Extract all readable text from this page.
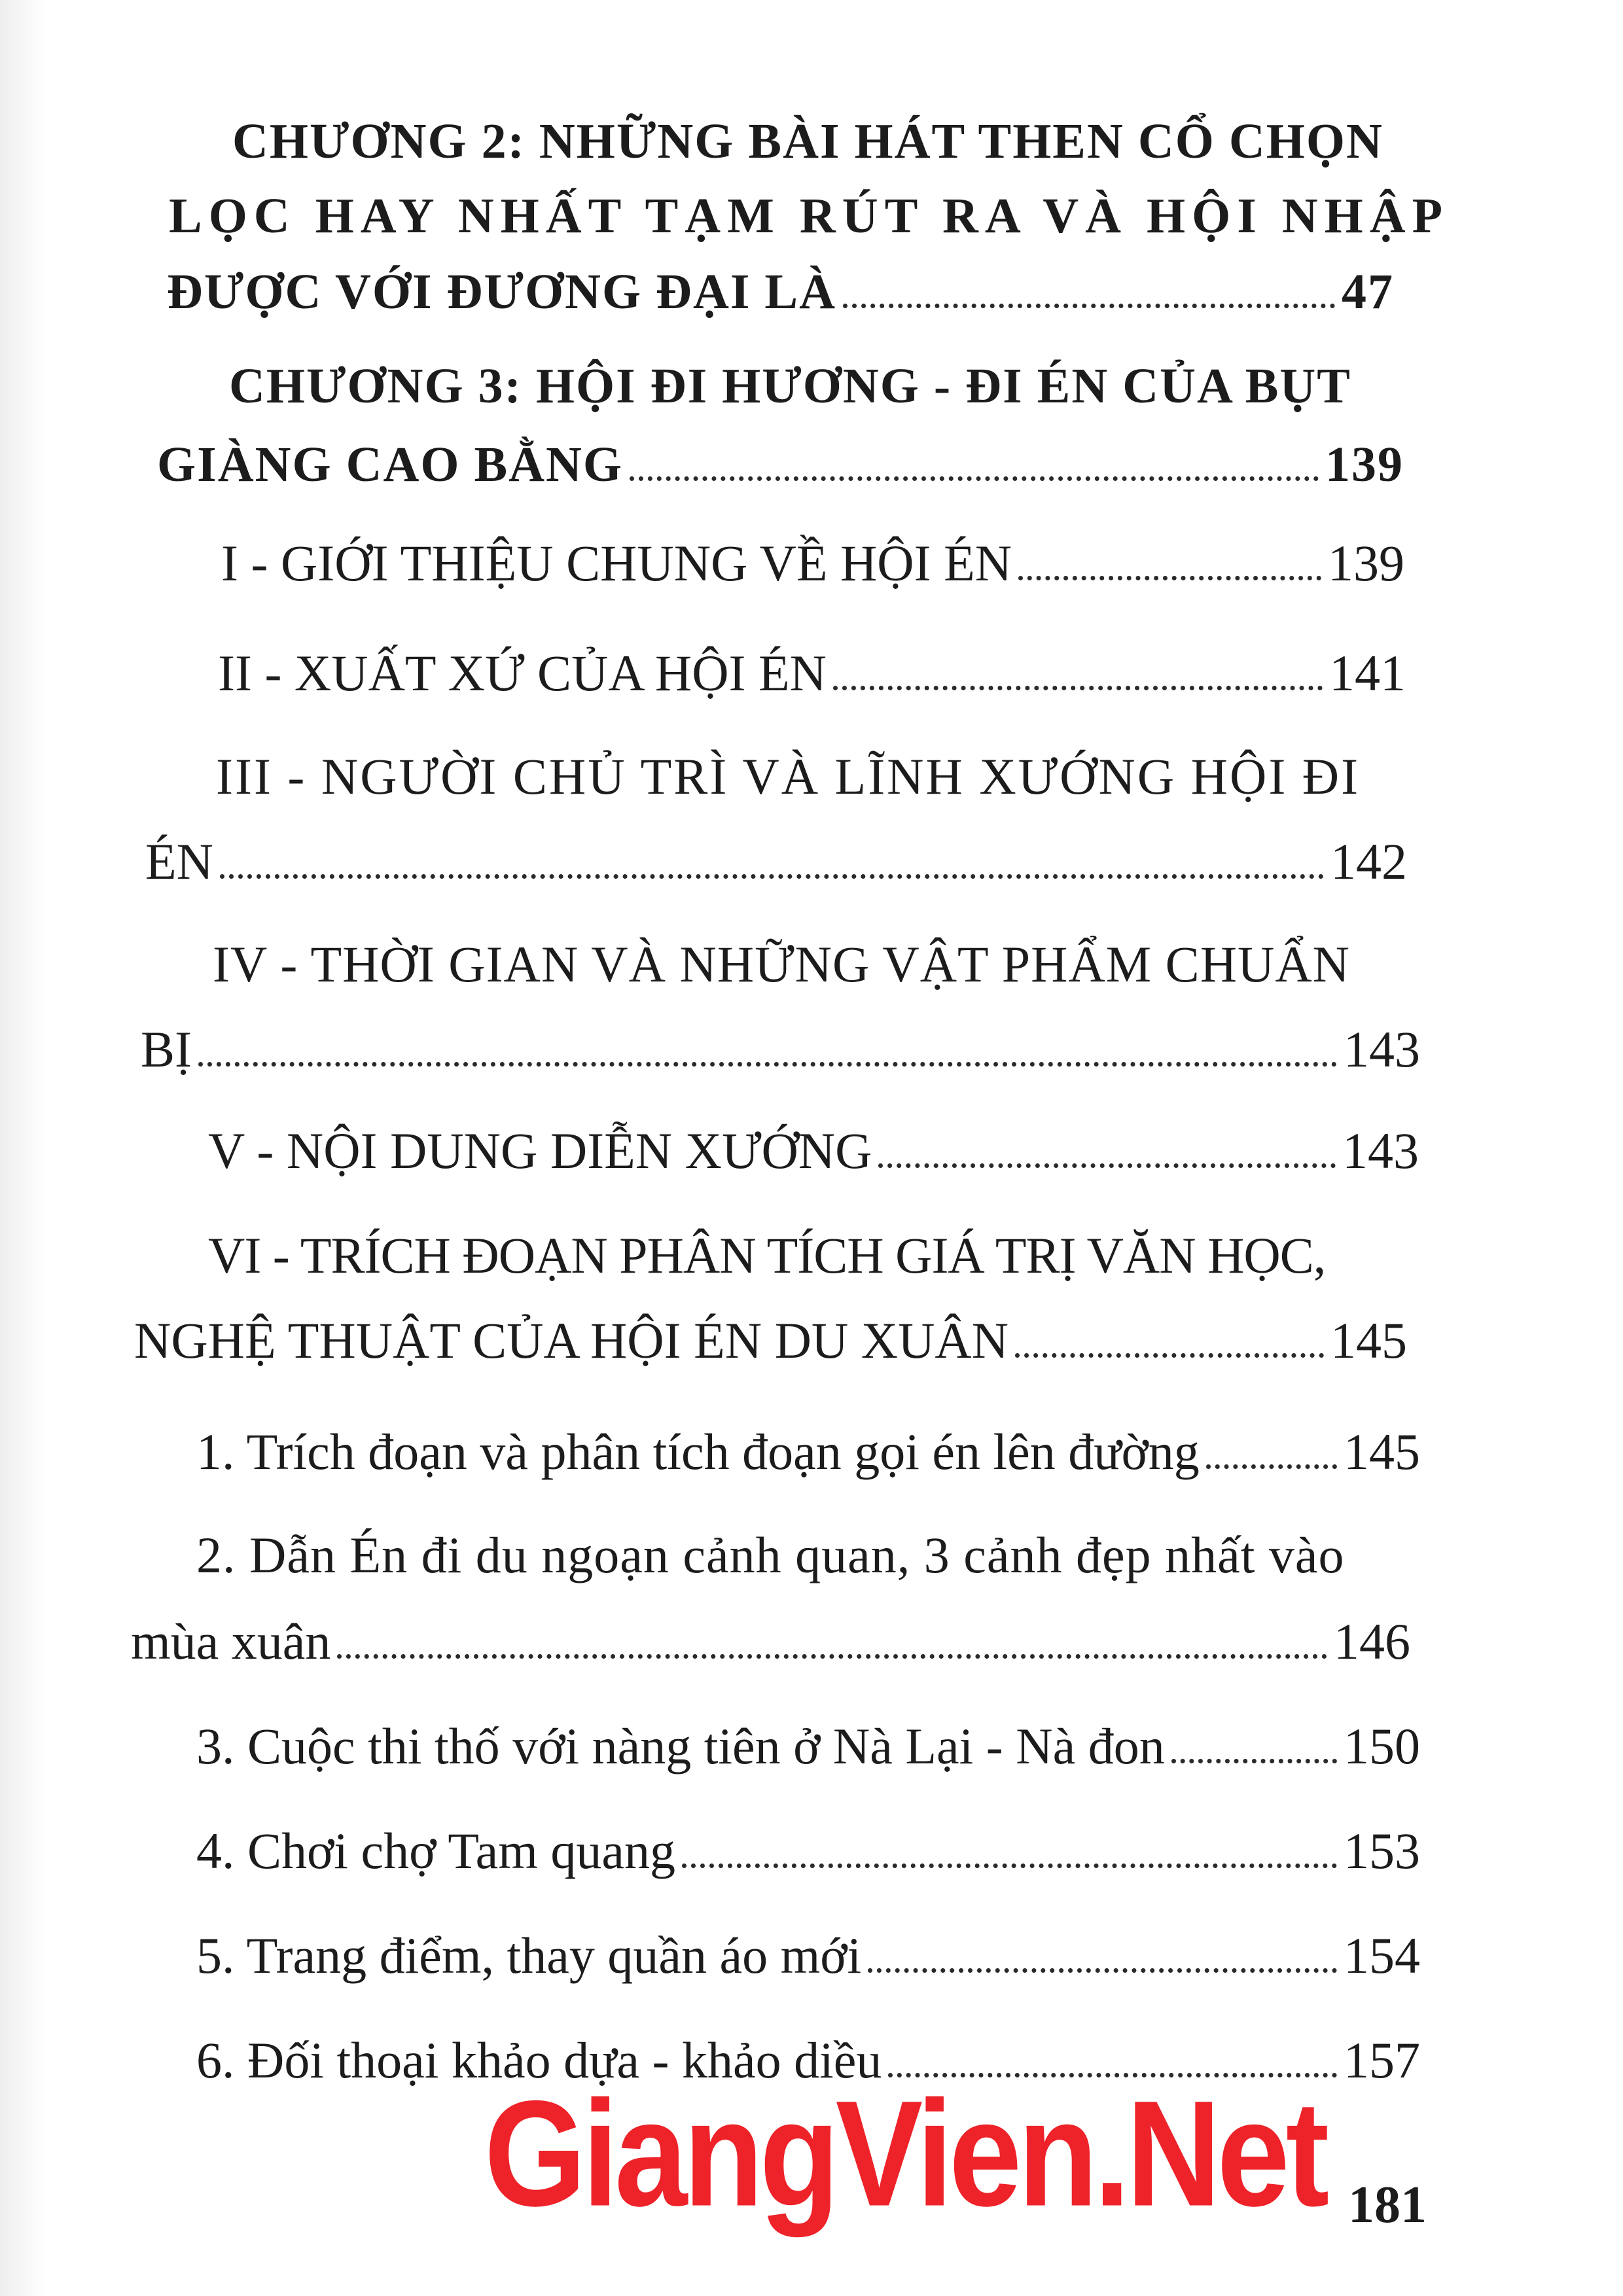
CHƯƠNG 2: NHỮNG BÀI HÁT THEN CỔ CHỌN
LỌC HAY NHẤT TẠM RÚT RA VÀ HỘI NHẬP
ĐƯỢC VỚI ĐƯƠNG ĐẠI LÀ	47
CHƯƠNG 3: HỘI ĐI HƯƠNG - ĐI ÉN CỦA BỤT
GIÀNG CAO BẰNG	139
I - GIỚI THIỆU CHUNG VỀ HỘI ÉN	139
II - XUẤT XỨ CỦA HỘI ÉN	141
III - NGƯỜI CHỦ TRÌ VÀ LĨNH XƯỚNG HỘI ĐI
ÉN	142
IV - THỜI GIAN VÀ NHỮNG VẬT PHẨM CHUẨN
BỊ	143
V - NỘI DUNG DIỄN XƯỚNG	143
VI - TRÍCH ĐOẠN PHÂN TÍCH GIÁ TRỊ VĂN HỌC,
NGHỆ THUẬT CỦA HỘI ÉN DU XUÂN	145
1. Trích đoạn và phân tích đoạn gọi én lên đường	145
2. Dẫn Én đi du ngoạn cảnh quan, 3 cảnh đẹp nhất vào
mùa xuân	146
3. Cuộc thi thố với nàng tiên ở Nà Lại - Nà đon	150
4. Chơi chợ Tam quang	153
5. Trang điểm, thay quần áo mới	154
6. Đối thoại khảo dựa - khảo diều	157
GiangVien.Net 181
